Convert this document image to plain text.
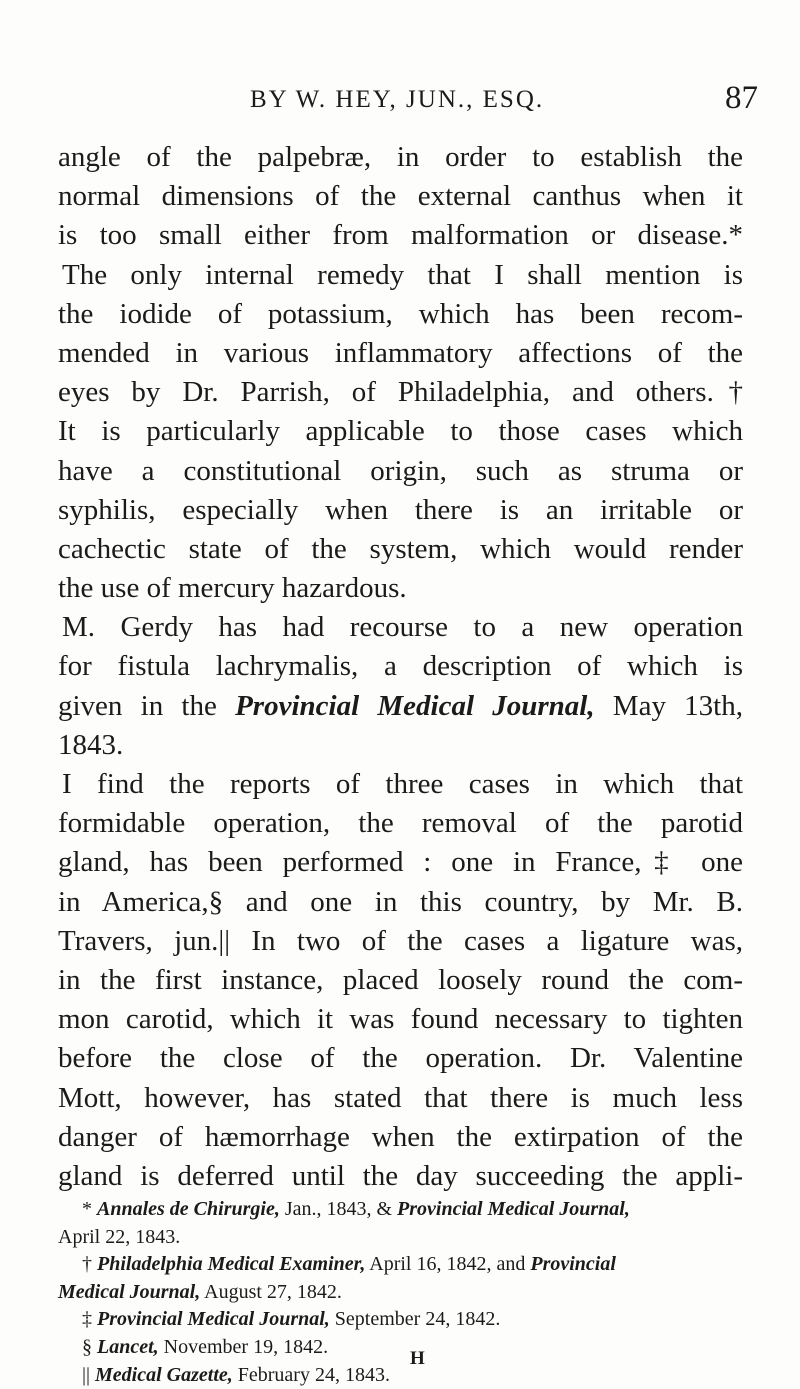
BY W. HEY, JUN., ESQ.	87
angle of the palpebræ, in order to establish the
normal dimensions of the external canthus when it
is too small either from malformation or disease.*
The only internal remedy that I shall mention is
the iodide of potassium, which has been recom-
mended in various inflammatory affections of the
eyes by Dr. Parrish, of Philadelphia, and others.†
It is particularly applicable to those cases which
have a constitutional origin, such as struma or
syphilis, especially when there is an irritable or
cachectic state of the system, which would render
the use of mercury hazardous.
M. Gerdy has had recourse to a new operation
for fistula lachrymalis, a description of which is
given in the Provincial Medical Journal, May 13th,
1843.
I find the reports of three cases in which that
formidable operation, the removal of the parotid
gland, has been performed : one in France,‡ one
in America,§ and one in this country, by Mr. B.
Travers, jun.|| In two of the cases a ligature was,
in the first instance, placed loosely round the com-
mon carotid, which it was found necessary to tighten
before the close of the operation. Dr. Valentine
Mott, however, has stated that there is much less
danger of hæmorrhage when the extirpation of the
gland is deferred until the day succeeding the appli-
* Annales de Chirurgie, Jan., 1843, & Provincial Medical Journal,
April 22, 1843.
† Philadelphia Medical Examiner, April 16, 1842, and Provincial
Medical Journal, August 27, 1842.
‡ Provincial Medical Journal, September 24, 1842.
§ Lancet, November 19, 1842.
|| Medical Gazette, February 24, 1843.
H
